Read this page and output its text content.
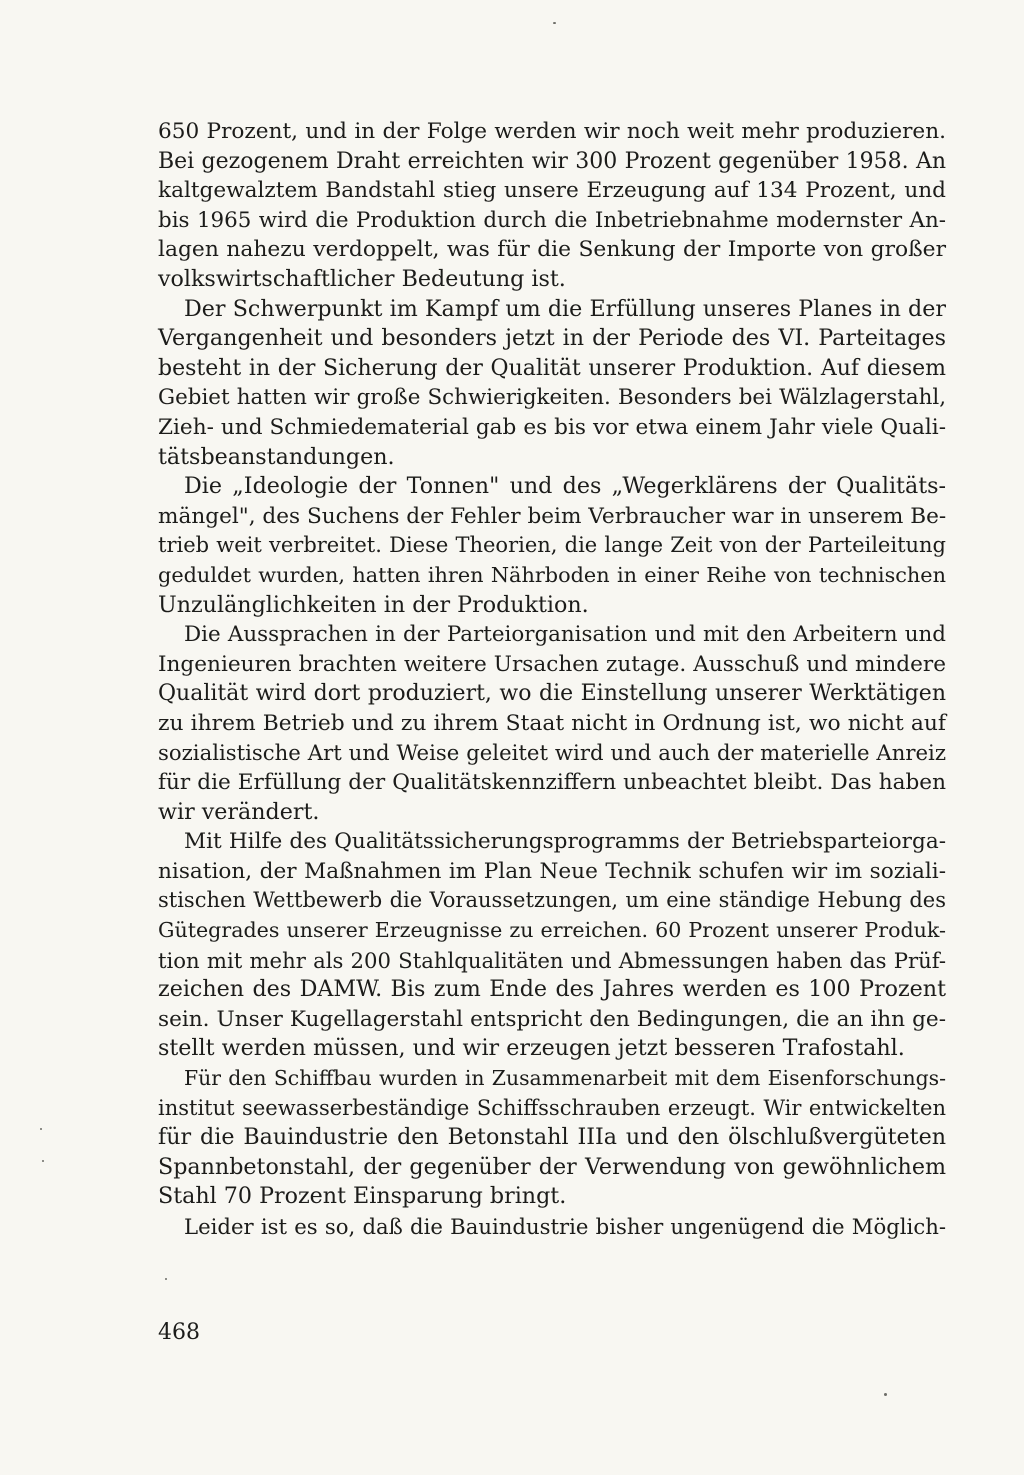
650 Prozent, und in der Folge werden wir noch weit mehr produzieren.
Bei gezogenem Draht erreichten wir 300 Prozent gegenüber 1958. An
kaltgewalztem Bandstahl stieg unsere Erzeugung auf 134 Prozent, und
bis 1965 wird die Produktion durch die Inbetriebnahme modernster An-
lagen nahezu verdoppelt, was für die Senkung der Importe von großer
volkswirtschaftlicher Bedeutung ist.
Der Schwerpunkt im Kampf um die Erfüllung unseres Planes in der
Vergangenheit und besonders jetzt in der Periode des VI. Parteitages
besteht in der Sicherung der Qualität unserer Produktion. Auf diesem
Gebiet hatten wir große Schwierigkeiten. Besonders bei Wälzlagerstahl,
Zieh- und Schmiedematerial gab es bis vor etwa einem Jahr viele Quali-
tätsbeanstandungen.
Die „Ideologie der Tonnen" und des „Wegerklärens der Qualitäts-
mängel", des Suchens der Fehler beim Verbraucher war in unserem Be-
trieb weit verbreitet. Diese Theorien, die lange Zeit von der Parteileitung
geduldet wurden, hatten ihren Nährboden in einer Reihe von technischen
Unzulänglichkeiten in der Produktion.
Die Aussprachen in der Parteiorganisation und mit den Arbeitern und
Ingenieuren brachten weitere Ursachen zutage. Ausschuß und mindere
Qualität wird dort produziert, wo die Einstellung unserer Werktätigen
zu ihrem Betrieb und zu ihrem Staat nicht in Ordnung ist, wo nicht auf
sozialistische Art und Weise geleitet wird und auch der materielle Anreiz
für die Erfüllung der Qualitätskennziffern unbeachtet bleibt. Das haben
wir verändert.
Mit Hilfe des Qualitätssicherungsprogramms der Betriebsparteiorga-
nisation, der Maßnahmen im Plan Neue Technik schufen wir im soziali-
stischen Wettbewerb die Voraussetzungen, um eine ständige Hebung des
Gütegrades unserer Erzeugnisse zu erreichen. 60 Prozent unserer Produk-
tion mit mehr als 200 Stahlqualitäten und Abmessungen haben das Prüf-
zeichen des DAMW. Bis zum Ende des Jahres werden es 100 Prozent
sein. Unser Kugellagerstahl entspricht den Bedingungen, die an ihn ge-
stellt werden müssen, und wir erzeugen jetzt besseren Trafostahl.
Für den Schiffbau wurden in Zusammenarbeit mit dem Eisenforschungs-
institut seewasserbeständige Schiffsschrauben erzeugt. Wir entwickelten
für die Bauindustrie den Betonstahl IIIa und den ölschlußvergüteten
Spannbetonstahl, der gegenüber der Verwendung von gewöhnlichem
Stahl 70 Prozent Einsparung bringt.
Leider ist es so, daß die Bauindustrie bisher ungenügend die Möglich-
468
